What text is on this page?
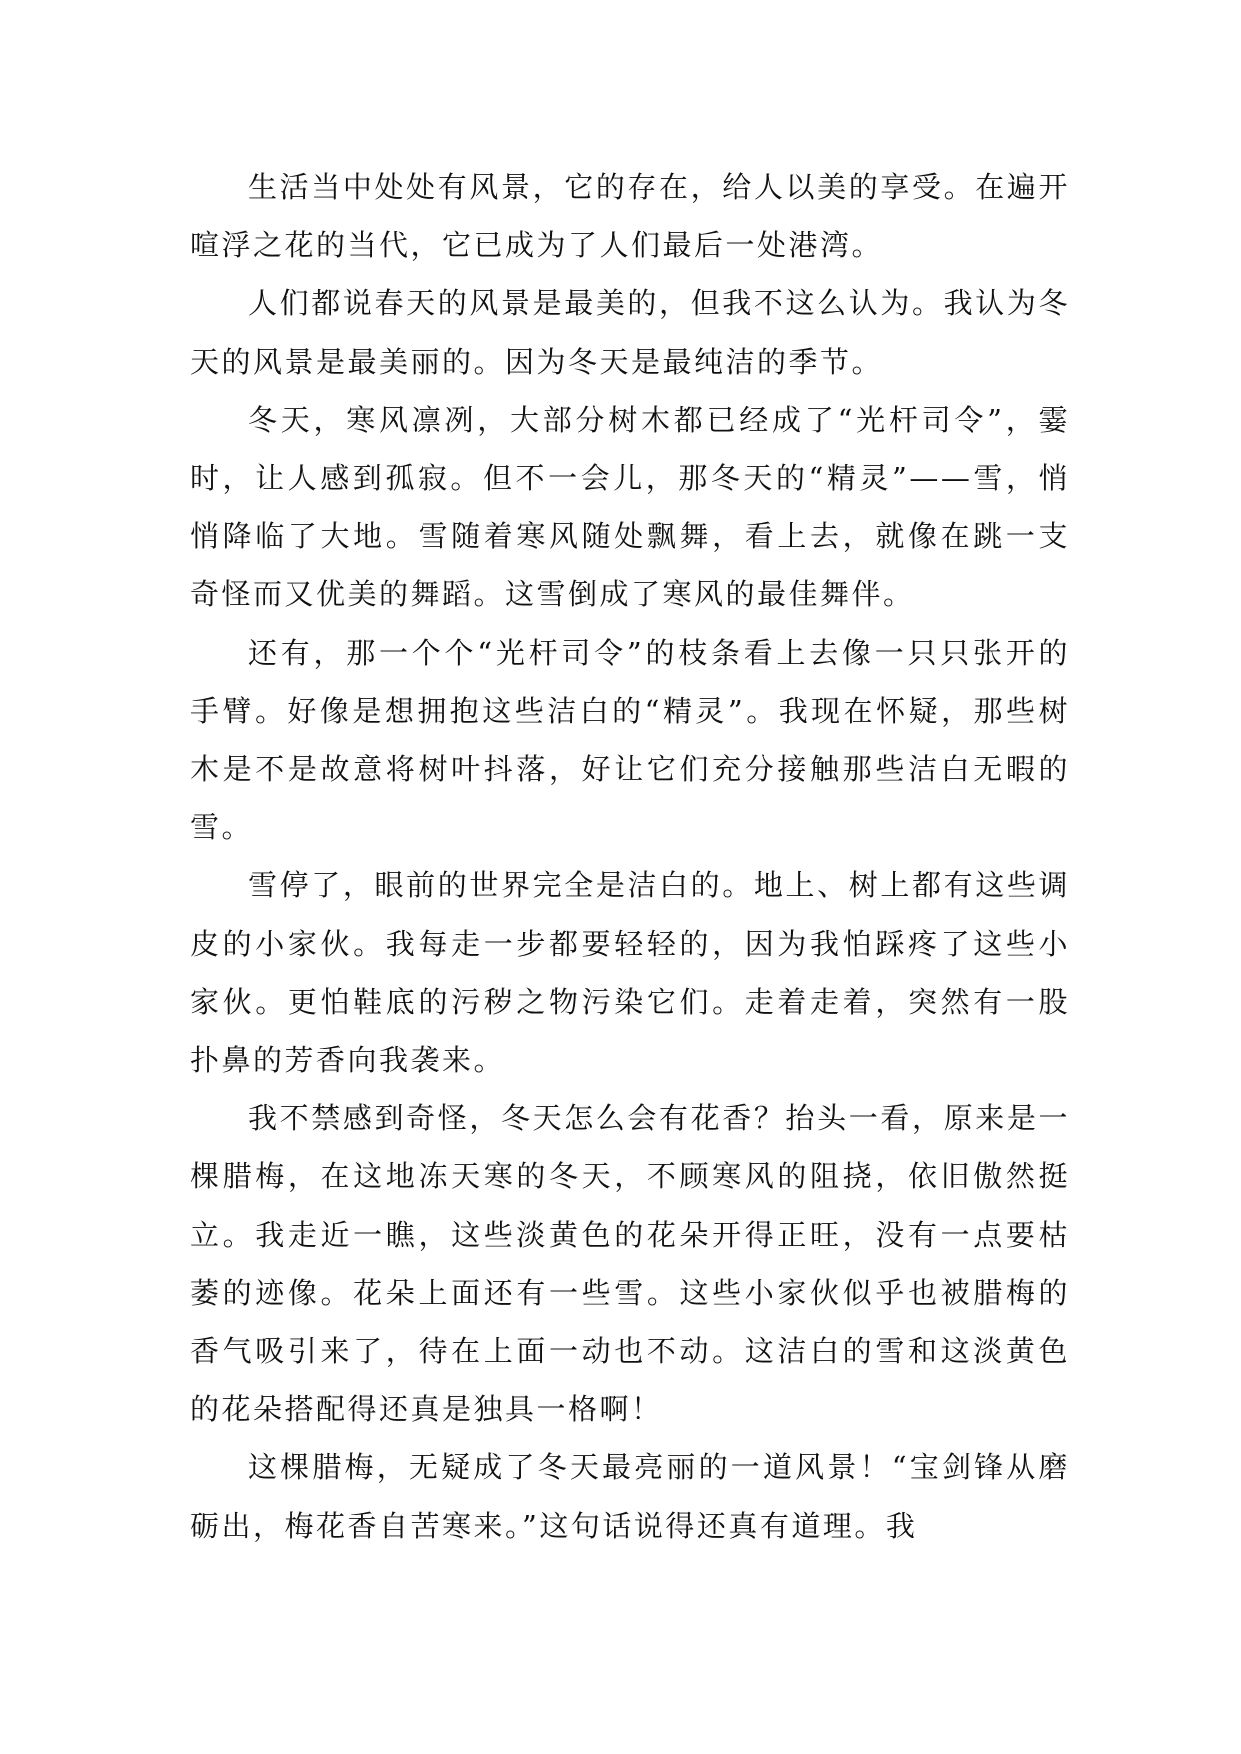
生活当中处处有风景，它的存在，给人以美的享受。在遍开喧浮之花的当代，它已成为了人们最后一处港湾。

人们都说春天的风景是最美的，但我不这么认为。我认为冬天的风景是最美丽的。因为冬天是最纯洁的季节。

冬天，寒风凛冽，大部分树木都已经成了“光杆司令”，霎时，让人感到孤寂。但不一会儿，那冬天的“精灵”——雪，悄悄降临了大地。雪随着寒风随处飘舞，看上去，就像在跳一支奇怪而又优美的舞蹈。这雪倒成了寒风的最佳舞伴。

还有，那一个个“光杆司令”的枝条看上去像一只只张开的手臂。好像是想拥抱这些洁白的“精灵”。我现在怀疑，那些树木是不是故意将树叶抖落，好让它们充分接触那些洁白无暇的雪。

雪停了，眼前的世界完全是洁白的。地上、树上都有这些调皮的小家伙。我每走一步都要轻轻的，因为我怕踩疼了这些小家伙。更怕鞋底的污秽之物污染它们。走着走着，突然有一股扑鼻的芳香向我袭来。

我不禁感到奇怪，冬天怎么会有花香？抬头一看，原来是一棵腊梅，在这地冻天寒的冬天，不顾寒风的阻挠，依旧傲然挺立。我走近一瞧，这些淡黄色的花朵开得正旺，没有一点要枯萎的迹像。花朵上面还有一些雪。这些小家伙似乎也被腊梅的香气吸引来了，待在上面一动也不动。这洁白的雪和这淡黄色的花朵搭配得还真是独具一格啊！

这棵腊梅，无疑成了冬天最亮丽的一道风景！“宝剑锋从磨砺出，梅花香自苦寒来。”这句话说得还真有道理。我
